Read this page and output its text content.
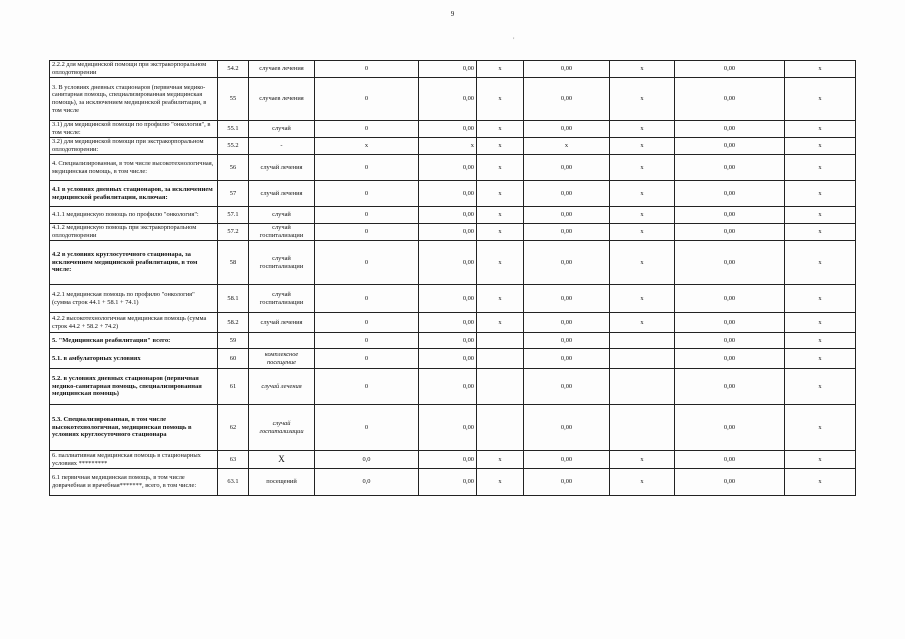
9
,
2.2.2 для медицинской помощи при экстракорпоральном оплодотворении	54.2	случаев лечения	0	0,00	х	0,00	х	0,00	х
3. В условиях дневных стационаров (первичная медико-санитарная помощь, специализированная медицинская помощь), за исключением медицинской реабилитации, в том числе	55	случаев лечения	0	0,00	х	0,00	х	0,00	х
3.1) для медицинской помощи по профилю "онкология", в том числе:	55.1	случай	0	0,00	х	0,00	х	0,00	х
3.2) для медицинской помощи при экстракорпоральном оплодотворении:	55.2	-	х	х	х	х	х	0,00	х
4. Специализированная, в том числе высокотехнологичная, медицинская помощь, в том числе:	56	случай лечения	0	0,00	х	0,00	х	0,00	х
4.1 в условиях дневных стационаров, за исключением медицинской реабилитации, включая:	57	случай лечения	0	0,00	х	0,00	х	0,00	х
4.1.1 медицинскую помощь по профилю "онкология":	57.1	случай	0	0,00	х	0,00	х	0,00	х
4.1.2 медицинскую помощь при экстракорпоральном оплодотворении	57.2	случай госпитализации	0	0,00	х	0,00	х	0,00	х
4.2 в условиях круглосуточного стационара, за исключением медицинской реабилитации, в том числе:	58	случай госпитализации	0	0,00	х	0,00	х	0,00	х
4.2.1 медицинская помощь по профилю "онкология" (сумма строк 44.1 + 58.1 + 74.1)	58.1	случай госпитализации	0	0,00	х	0,00	х	0,00	х
4.2.2 высокотехнологичная медицинская помощь (сумма строк 44.2 + 58.2 + 74.2)	58.2	случай лечения	0	0,00	х	0,00	х	0,00	х
5. "Медицинская реабилитация" всего:	59		0	0,00		0,00		0,00	х
5.1. в амбулаторных условиях	60	комплексное посещение	0	0,00		0,00		0,00	х
5.2. в условиях дневных стационаров (первичная медико-санитарная помощь, специализированная медицинская помощь)	61	случай лечения	0	0,00		0,00		0,00	х
5.3. Специализированная, в том числе высокотехнологичная, медицинская помощь в условиях круглосуточного стационара	62	случай госпитализации	0	0,00		0,00		0,00	х
6. паллиативная медицинская помощь в стационарных условиях *********	63	Х	0,0	0,00	х	0,00	х	0,00	х
6.1 первичная медицинская помощь, в том числе доврачебная и врачебная*******, всего, в том числе:	63.1	посещений	0,0	0,00	х	0,00	х	0,00	х
